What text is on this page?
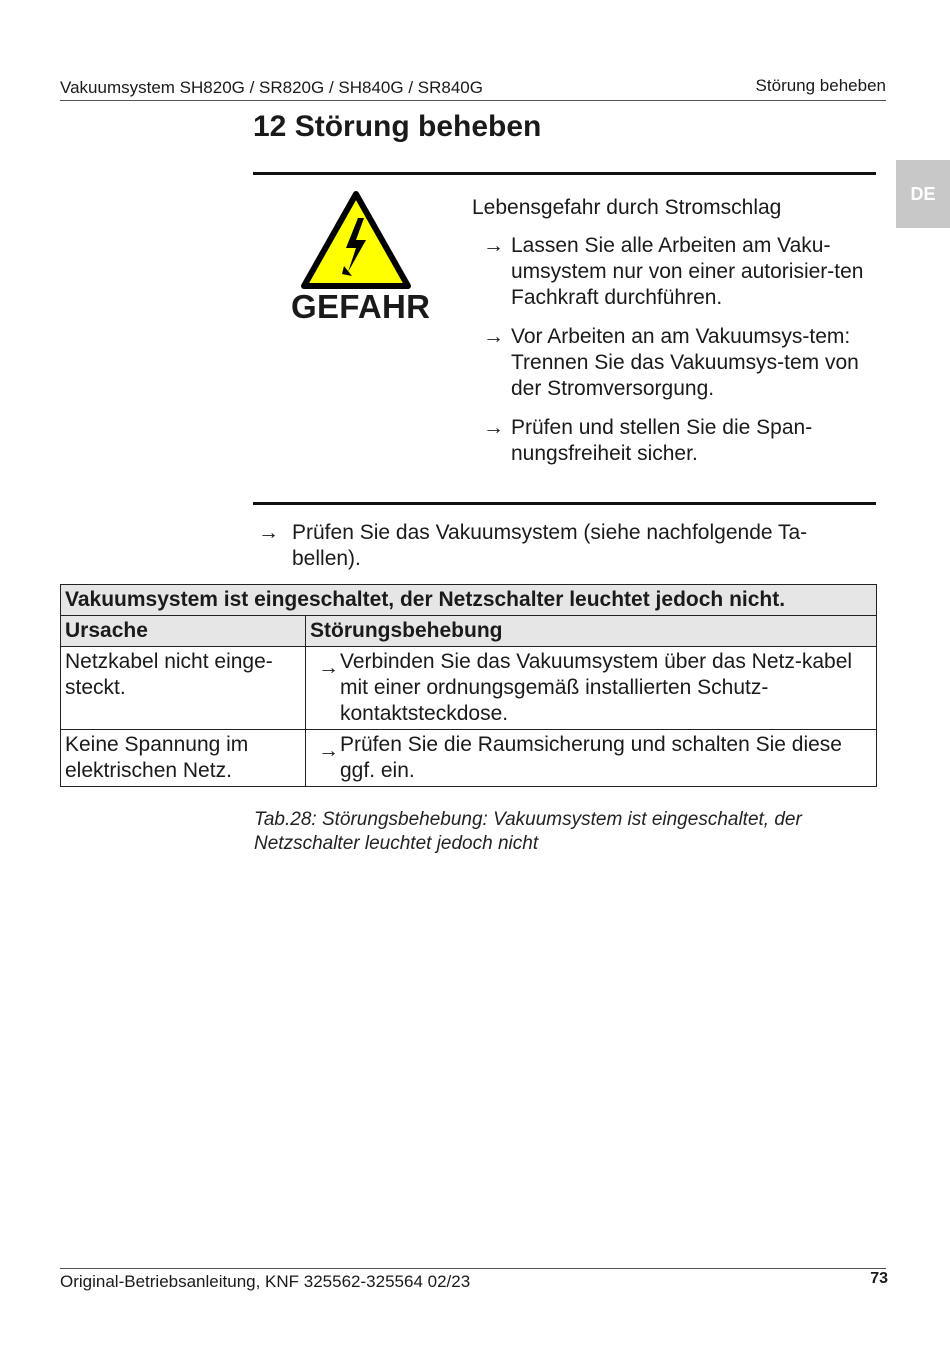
Vakuumsystem SH820G / SR820G / SH840G / SR840G	Störung beheben
DE
12 Störung beheben
GEFAHR
Lebensgefahr durch Stromschlag
→ Lassen Sie alle Arbeiten am Vaku-umsystem nur von einer autorisier-ten Fachkraft durchführen.
→ Vor Arbeiten an am Vakuumsys-tem: Trennen Sie das Vakuumsys-tem von der Stromversorgung.
→ Prüfen und stellen Sie die Span-nungsfreiheit sicher.
→ Prüfen Sie das Vakuumsystem (siehe nachfolgende Ta-bellen).
Vakuumsystem ist eingeschaltet, der Netzschalter leuchtet jedoch nicht.	
Ursache	Störungsbehebung
Netzkabel nicht einge-steckt.	→ Verbinden Sie das Vakuumsystem über das Netz-kabel mit einer ordnungsgemäß installierten Schutz-kontaktsteckdose.
Keine Spannung im elektrischen Netz.	→ Prüfen Sie die Raumsicherung und schalten Sie diese ggf. ein.
Tab.28: Störungsbehebung: Vakuumsystem ist eingeschaltet, der Netzschalter leuchtet jedoch nicht
Original-Betriebsanleitung, KNF 325562-325564 02/23	73
